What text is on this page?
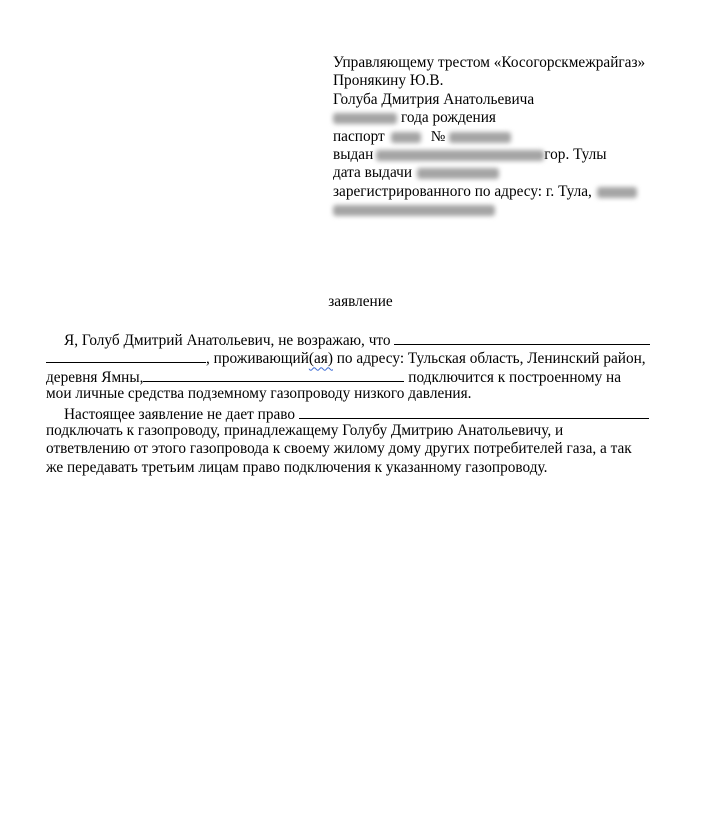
Управляющему трестом «Косогорскмежрайгаз»
Пронякину Ю.В.
Голуба Дмитрия Анатольевича
года рождения
паспорт	№
выдан	гор. Тулы
дата выдачи
зарегистрированного по адресу: г. Тула,
заявление
Я, Голуб Дмитрий Анатольевич, не возражаю, что
, проживающий(ая) по адресу: Тульская область, Ленинский район,
деревня Ямны,	подключится к построенному на
мои личные средства подземному газопроводу низкого давления.
Настоящее заявление не дает право
подключать к газопроводу, принадлежащему Голубу Дмитрию Анатольевичу, и
ответвлению от этого газопровода к своему жилому дому других потребителей газа, а так
же передавать третьим лицам право подключения к указанному газопроводу.
